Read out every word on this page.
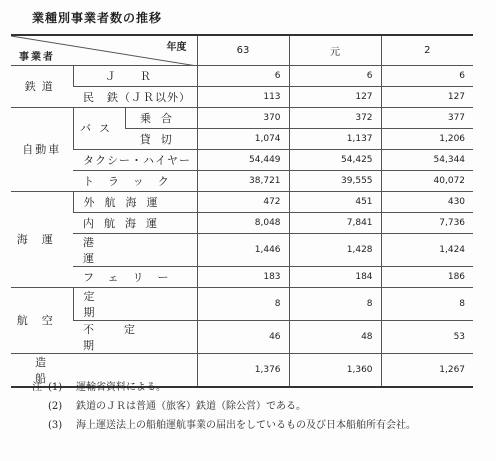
業種別事業者数の推移
年度
事業者			63	元	2
鉄道	ＪＲ		6	6	6
	民　鉄（ＪＲ以外）		113	127	127
自動車	バス	乗合	370	372	377
		貸切	1,074	1,137	1,206
	タクシー・ハイヤー		54,449	54,425	54,344
	トラック		38,721	39,555	40,072
海運	外航海運		472	451	430
	内航海運		8,048	7,841	7,736
	港運		1,446	1,428	1,424
	フェリー		183	184	186
航空	定期		8	8	8
	不定期		46	48	53
造船			1,376	1,360	1,267
注 (1)	運輸省資料による。
(2)	鉄道のＪＲは普通（旅客）鉄道（除公営）である。
(3)	海上運送法上の船舶運航事業の届出をしているもの及び日本船舶所有会社。
